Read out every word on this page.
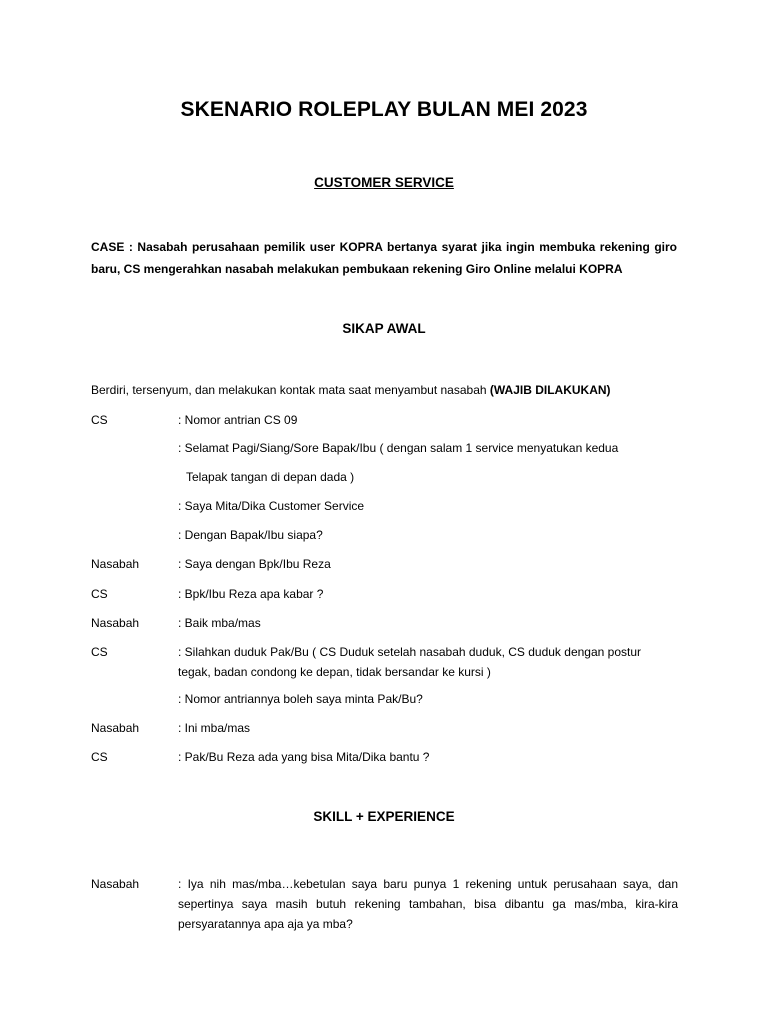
SKENARIO ROLEPLAY BULAN MEI 2023
CUSTOMER SERVICE
CASE : Nasabah perusahaan pemilik user KOPRA bertanya syarat jika ingin membuka rekening giro baru, CS mengerahkan nasabah melakukan pembukaan rekening Giro Online melalui KOPRA
SIKAP AWAL
Berdiri, tersenyum, dan melakukan kontak mata saat menyambut nasabah (WAJIB DILAKUKAN)
CS	: Nomor antrian CS 09
: Selamat Pagi/Siang/Sore Bapak/Ibu ( dengan salam 1 service menyatukan kedua
Telapak tangan di depan dada )
: Saya Mita/Dika Customer Service
: Dengan Bapak/Ibu siapa?
Nasabah	: Saya dengan Bpk/Ibu Reza
CS	: Bpk/Ibu Reza apa kabar ?
Nasabah	: Baik mba/mas
CS	: Silahkan duduk Pak/Bu ( CS Duduk setelah nasabah duduk, CS duduk dengan postur
tegak, badan condong ke depan, tidak bersandar ke kursi )
: Nomor antriannya boleh saya minta Pak/Bu?
Nasabah	: Ini mba/mas
CS	: Pak/Bu Reza ada yang bisa Mita/Dika bantu ?
SKILL + EXPERIENCE
Nasabah	: Iya nih mas/mba…kebetulan saya baru punya 1 rekening untuk perusahaan saya, dan sepertinya saya masih butuh rekening tambahan, bisa dibantu ga mas/mba, kira-kira persyaratannya apa aja ya mba?
